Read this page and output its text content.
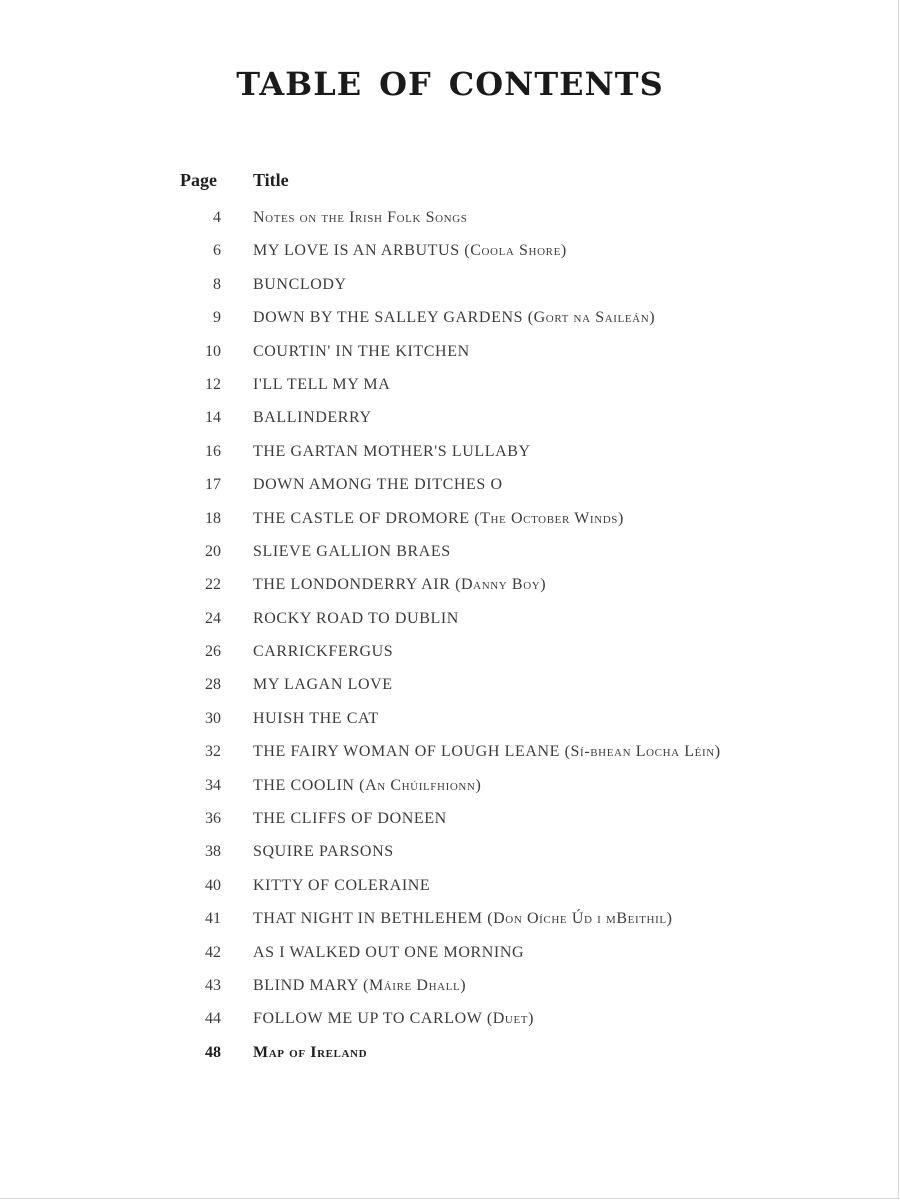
table of contents
Page	Title
4 Notes on the Irish Folk Songs
6 MY LOVE IS AN ARBUTUS (Coola Shore)
8 BUNCLODY
9 DOWN BY THE SALLEY GARDENS (Gort na Saileán)
10 COURTIN' IN THE KITCHEN
12 I'LL TELL MY MA
14 BALLINDERRY
16 THE GARTAN MOTHER'S LULLABY
17 DOWN AMONG THE DITCHES O
18 THE CASTLE OF DROMORE (The October Winds)
20 SLIEVE GALLION BRAES
22 THE LONDONDERRY AIR (Danny Boy)
24 ROCKY ROAD TO DUBLIN
26 CARRICKFERGUS
28 MY LAGAN LOVE
30 HUISH THE CAT
32 THE FAIRY WOMAN OF LOUGH LEANE (Sí-bhean Locha Léin)
34 THE COOLIN (An Chúilfhionn)
36 THE CLIFFS OF DONEEN
38 SQUIRE PARSONS
40 KITTY OF COLERAINE
41 THAT NIGHT IN BETHLEHEM (Don Oíche Úd i mBeithil)
42 AS I WALKED OUT ONE MORNING
43 BLIND MARY (Máire Dhall)
44 FOLLOW ME UP TO CARLOW (Duet)
48 Map of Ireland
